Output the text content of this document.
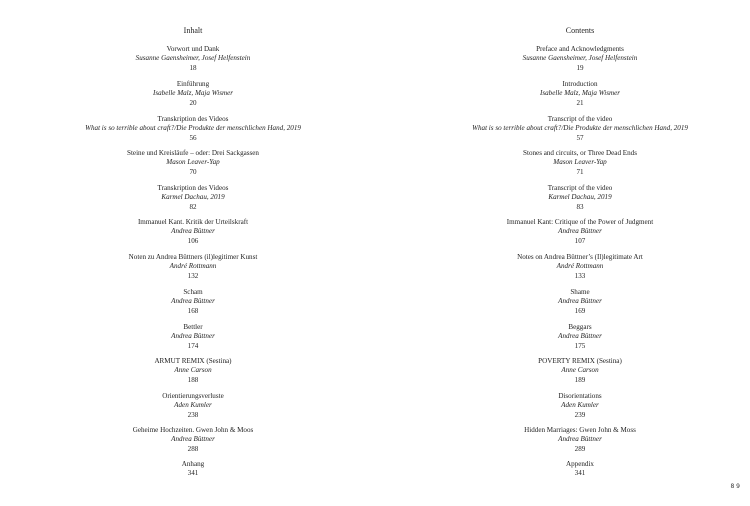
Inhalt
Vorwort und Dank
Susanne Gaensheimer, Josef Helfenstein
18
Einführung
Isabelle Malz, Maja Wismer
20
Transkription des Videos
What is so terrible about craft?/Die Produkte der menschlichen Hand, 2019
56
Steine und Kreisläufe – oder: Drei Sackgassen
Mason Leaver-Yap
70
Transkription des Videos
Karmel Dachau, 2019
82
Immanuel Kant. Kritik der Urteilskraft
Andrea Büttner
106
Noten zu Andrea Büttners (il)legitimer Kunst
André Rottmann
132
Scham
Andrea Büttner
168
Bettler
Andrea Büttner
174
ARMUT REMIX (Sestina)
Anne Carson
188
Orientierungsverluste
Aden Kumler
238
Geheime Hochzeiten. Gwen John & Moos
Andrea Büttner
288
Anhang
341
Contents
Preface and Acknowledgments
Susanne Gaensheimer, Josef Helfenstein
19
Introduction
Isabelle Malz, Maja Wismer
21
Transcript of the video
What is so terrible about craft?/Die Produkte der menschlichen Hand, 2019
57
Stones and circuits, or Three Dead Ends
Mason Leaver-Yap
71
Transcript of the video
Karmel Dachau, 2019
83
Immanuel Kant: Critique of the Power of Judgment
Andrea Büttner
107
Notes on Andrea Büttner’s (Il)legitimate Art
André Rottmann
133
Shame
Andrea Büttner
169
Beggars
Andrea Büttner
175
POVERTY REMIX (Sestina)
Anne Carson
189
Disorientations
Aden Kumler
239
Hidden Marriages: Gwen John & Moss
Andrea Büttner
289
Appendix
341
8 9
